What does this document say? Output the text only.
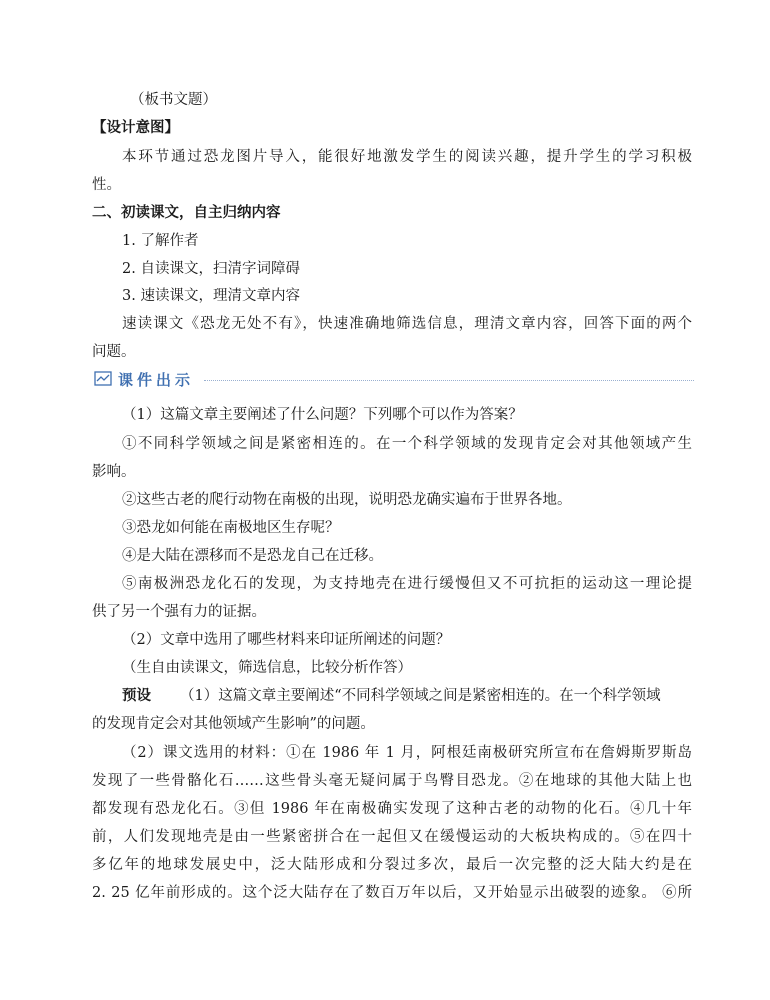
（板书文题）
【设计意图】
本环节通过恐龙图片导入，能很好地激发学生的阅读兴趣，提升学生的学习积极
性。
二、初读课文，自主归纳内容
1. 了解作者
2. 自读课文，扫清字词障碍
3. 速读课文，理清文章内容
速读课文《恐龙无处不有》，快速准确地筛选信息，理清文章内容，回答下面的两个
问题。
课件出示
（1）这篇文章主要阐述了什么问题？下列哪个可以作为答案？
①不同科学领域之间是紧密相连的。在一个科学领域的发现肯定会对其他领域产生
影响。
②这些古老的爬行动物在南极的出现，说明恐龙确实遍布于世界各地。
③恐龙如何能在南极地区生存呢？
④是大陆在漂移而不是恐龙自己在迁移。
⑤南极洲恐龙化石的发现，为支持地壳在进行缓慢但又不可抗拒的运动这一理论提
供了另一个强有力的证据。
（2）文章中选用了哪些材料来印证所阐述的问题？
（生自由读课文，筛选信息，比较分析作答）
预设 （1）这篇文章主要阐述“不同科学领域之间是紧密相连的。在一个科学领域
的发现肯定会对其他领域产生影响”的问题。
（2）课文选用的材料：①在 1986 年 1 月，阿根廷南极研究所宣布在詹姆斯罗斯岛
发现了一些骨骼化石……这些骨头毫无疑问属于鸟臀目恐龙。②在地球的其他大陆上也
都发现有恐龙化石。③但 1986 年在南极确实发现了这种古老的动物的化石。④几十年
前，人们发现地壳是由一些紧密拼合在一起但又在缓慢运动的大板块构成的。⑤在四十
多亿年的地球发展史中，泛大陆形成和分裂过多次，最后一次完整的泛大陆大约是在
2. 25 亿年前形成的。这个泛大陆存在了数百万年以后，又开始显示出破裂的迹象。 ⑥所
